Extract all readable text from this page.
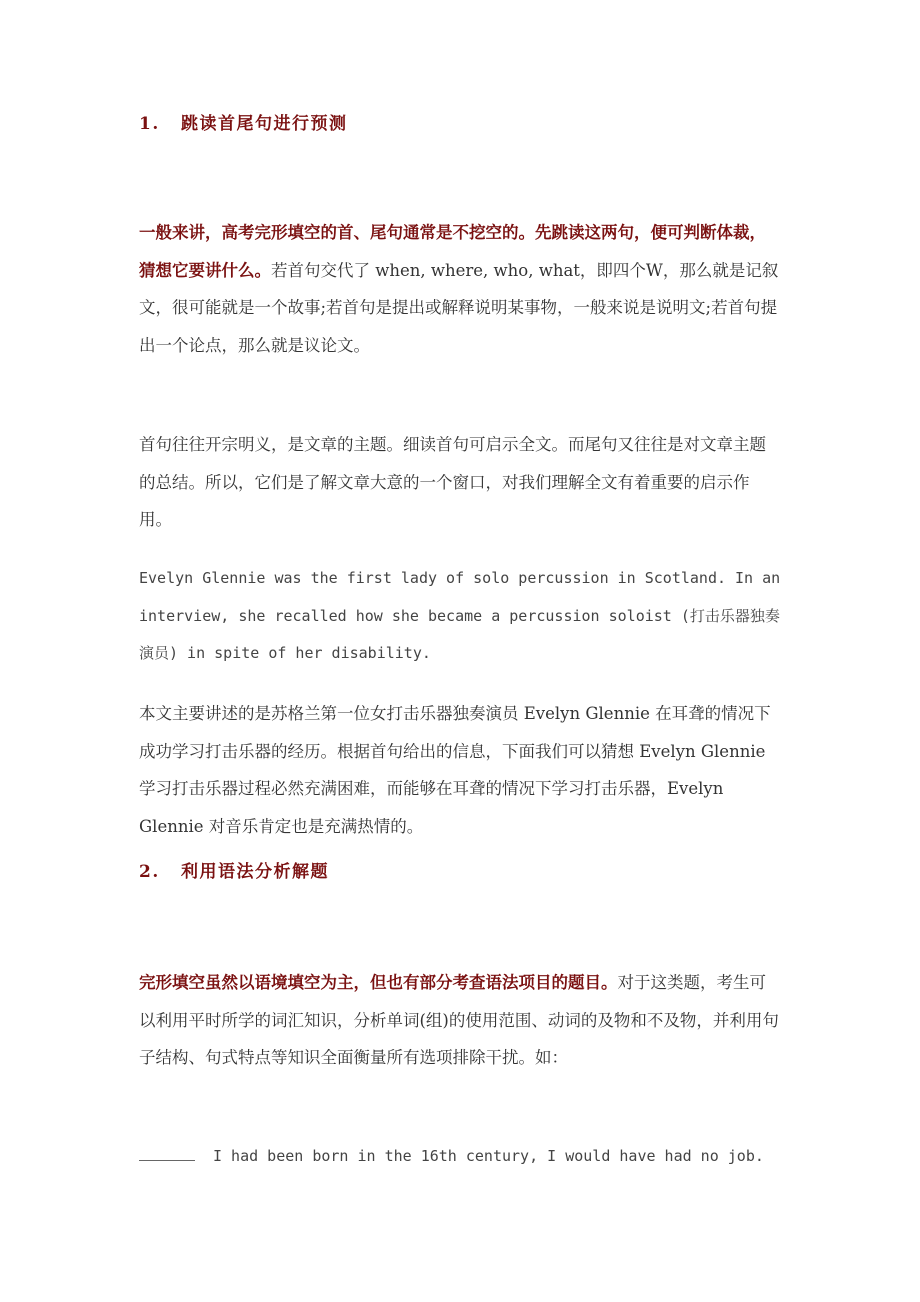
1. 跳读首尾句进行预测

一般来讲，高考完形填空的首、尾句通常是不挖空的。先跳读这两句，便可判断体裁，猜想它要讲什么。若首句交代了 when, where, who, what，即四个W，那么就是记叙文，很可能就是一个故事;若首句是提出或解释说明某事物，一般来说是说明文;若首句提出一个论点，那么就是议论文。

首句往往开宗明义，是文章的主题。细读首句可启示全文。而尾句又往往是对文章主题的总结。所以，它们是了解文章大意的一个窗口，对我们理解全文有着重要的启示作用。

Evelyn Glennie was the first lady of solo percussion in Scotland. In an interview, she recalled how she became a percussion soloist (打击乐器独奏演员) in spite of her disability.

本文主要讲述的是苏格兰第一位女打击乐器独奏演员 Evelyn Glennie 在耳聋的情况下成功学习打击乐器的经历。根据首句给出的信息，下面我们可以猜想 Evelyn Glennie 学习打击乐器过程必然充满困难，而能够在耳聋的情况下学习打击乐器，Evelyn Glennie 对音乐肯定也是充满热情的。

2. 利用语法分析解题

完形填空虽然以语境填空为主，但也有部分考查语法项目的题目。对于这类题，考生可以利用平时所学的词汇知识，分析单词(组)的使用范围、动词的及物和不及物，并利用句子结构、句式特点等知识全面衡量所有选项排除干扰。如：

I had been born in the 16th century, I would have had no job.
